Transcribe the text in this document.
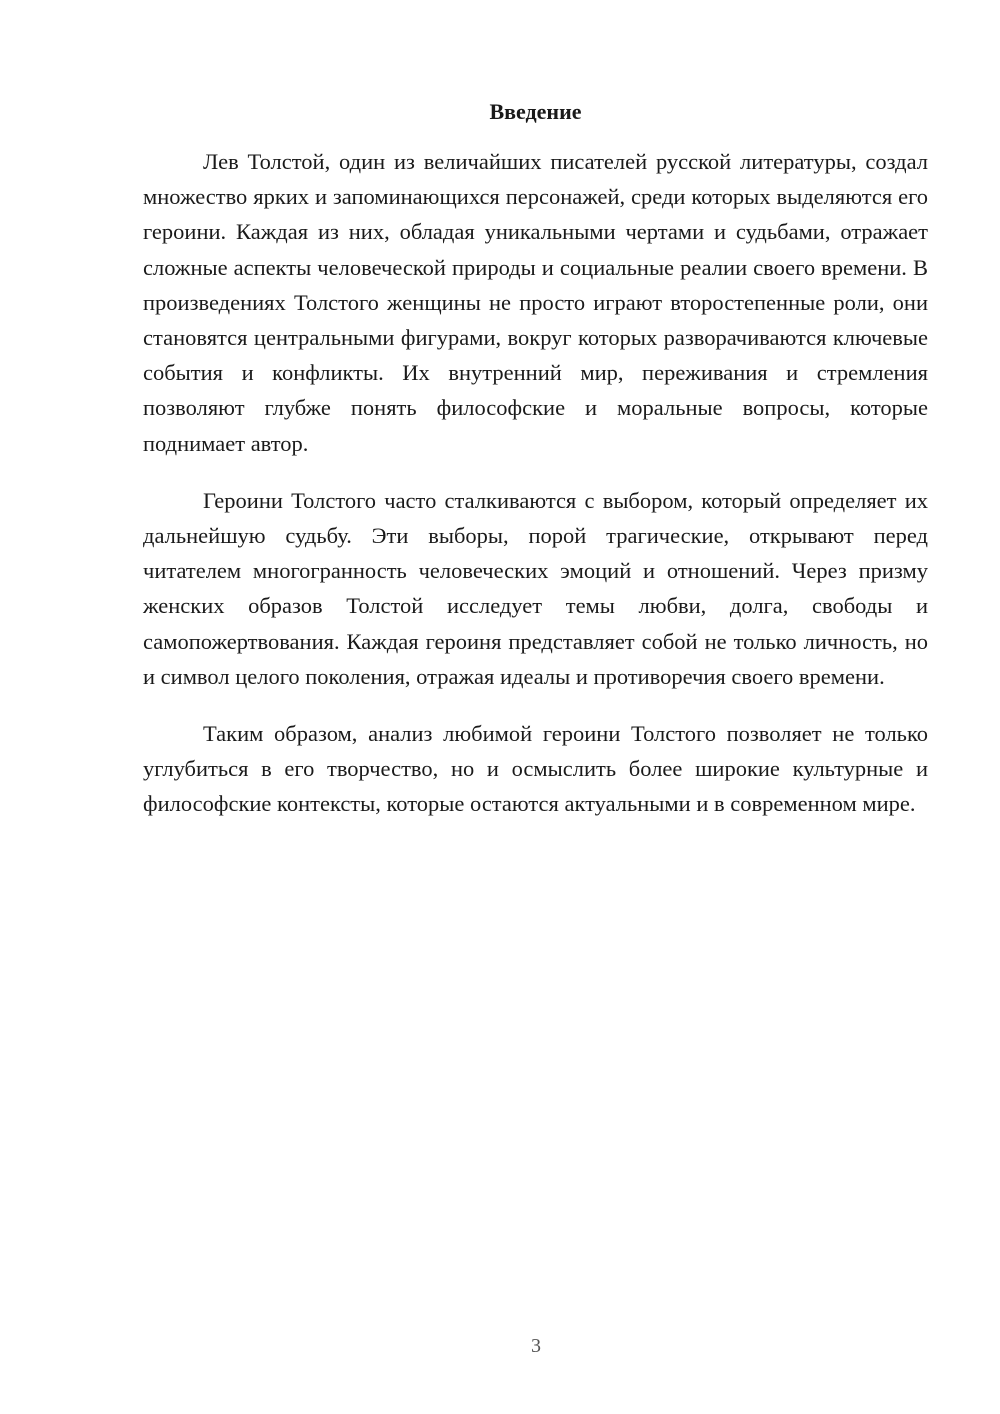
Введение

Лев Толстой, один из величайших писателей русской литературы, создал множество ярких и запоминающихся персонажей, среди которых выделяются его героини. Каждая из них, обладая уникальными чертами и судьбами, отражает сложные аспекты человеческой природы и социальные реалии своего времени. В произведениях Толстого женщины не просто играют второстепенные роли, они становятся центральными фигурами, вокруг которых разворачиваются ключевые события и конфликты. Их внутренний мир, переживания и стремления позволяют глубже понять философские и моральные вопросы, которые поднимает автор.

Героини Толстого часто сталкиваются с выбором, который определяет их дальнейшую судьбу. Эти выборы, порой трагические, открывают перед читателем многогранность человеческих эмоций и отношений. Через призму женских образов Толстой исследует темы любви, долга, свободы и самопожертвования. Каждая героиня представляет собой не только личность, но и символ целого поколения, отражая идеалы и противоречия своего времени.

Таким образом, анализ любимой героини Толстого позволяет не только углубиться в его творчество, но и осмыслить более широкие культурные и философские контексты, которые остаются актуальными и в современном мире.

3
